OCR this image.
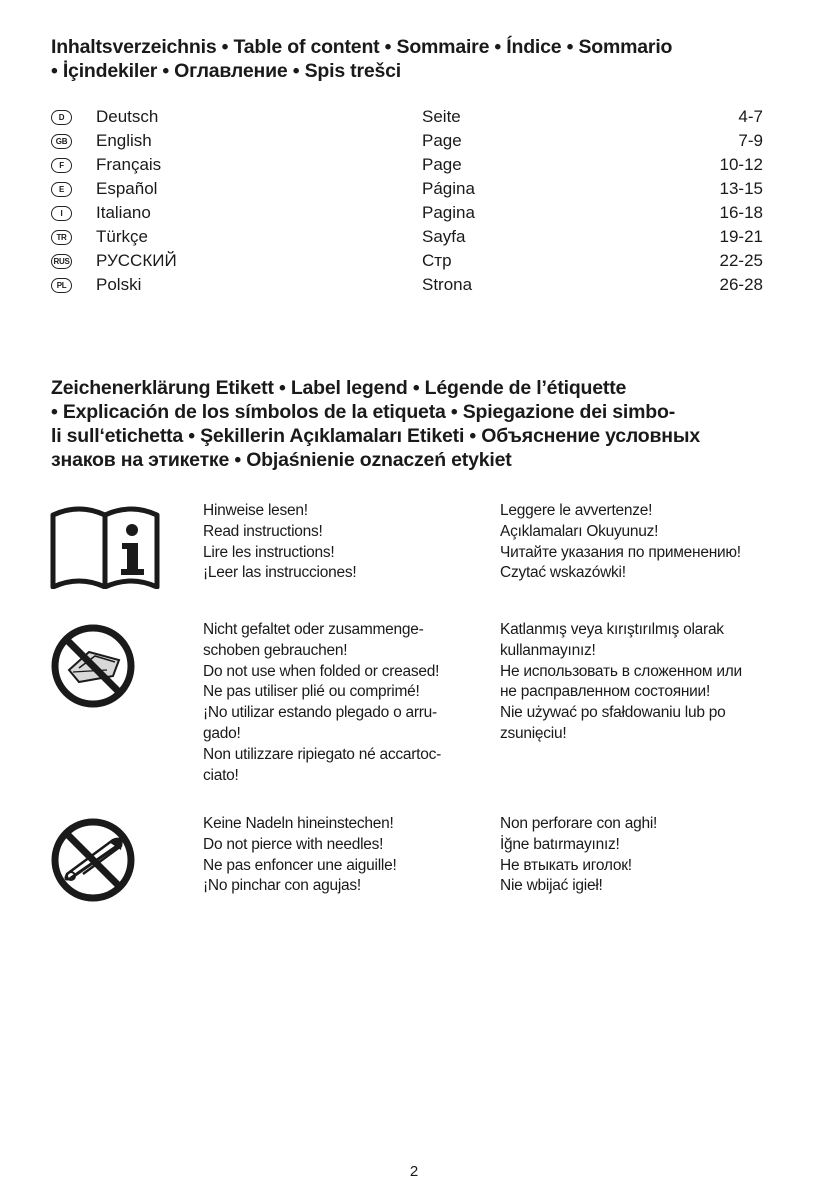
Inhaltsverzeichnis • Table of content • Sommaire • Índice • Sommario
• İçindekiler • Оглавление • Spis trešci
D	Deutsch	Seite	4-7
GB English	Page	7-9
F	Français	Page	10-12
E	Español	Página	13-15
I	Italiano	Pagina	16-18
TR	Türkçe	Sayfa	19-21
RUS РУССКИЙ	Стр	22-25
PL	Polski	Strona	26-28
Zeichenerklärung Etikett • Label legend • Légende de l’étiquette
• Explicación de los símbolos de la etiqueta • Spiegazione dei simbo-
li sull‘etichetta • Şekillerin Açıklamaları Etiketi • Объяснение условных
знаков на этикетке • Objaśnienie oznaczeń etykiet
Hinweise lesen!
Read instructions!
Lire les instructions!
¡Leer las instrucciones!
Leggere le avvertenze!
Açıklamaları Okuyunuz!
Читайте указания по применению!
Czytać wskazówki!
Nicht gefaltet oder zusammenge-
schoben gebrauchen!
Do not use when folded or creased!
Ne pas utiliser plié ou comprimé!
¡No utilizar estando plegado o arru-
gado!
Non utilizzare ripiegato né accartoc-
ciato!
Katlanmış veya kırıştırılmış olarak
kullanmayınız!
Не использовать в сложенном или
не расправленном состоянии!
Nie używać po sfałdowaniu lub po
zsunięciu!
Keine Nadeln hineinstechen!
Do not pierce with needles!
Ne pas enfoncer une aiguille!
¡No pinchar con agujas!
Non perforare con aghi!
İğne batırmayınız!
Не втыкать иголок!
Nie wbijać igieł!
2
